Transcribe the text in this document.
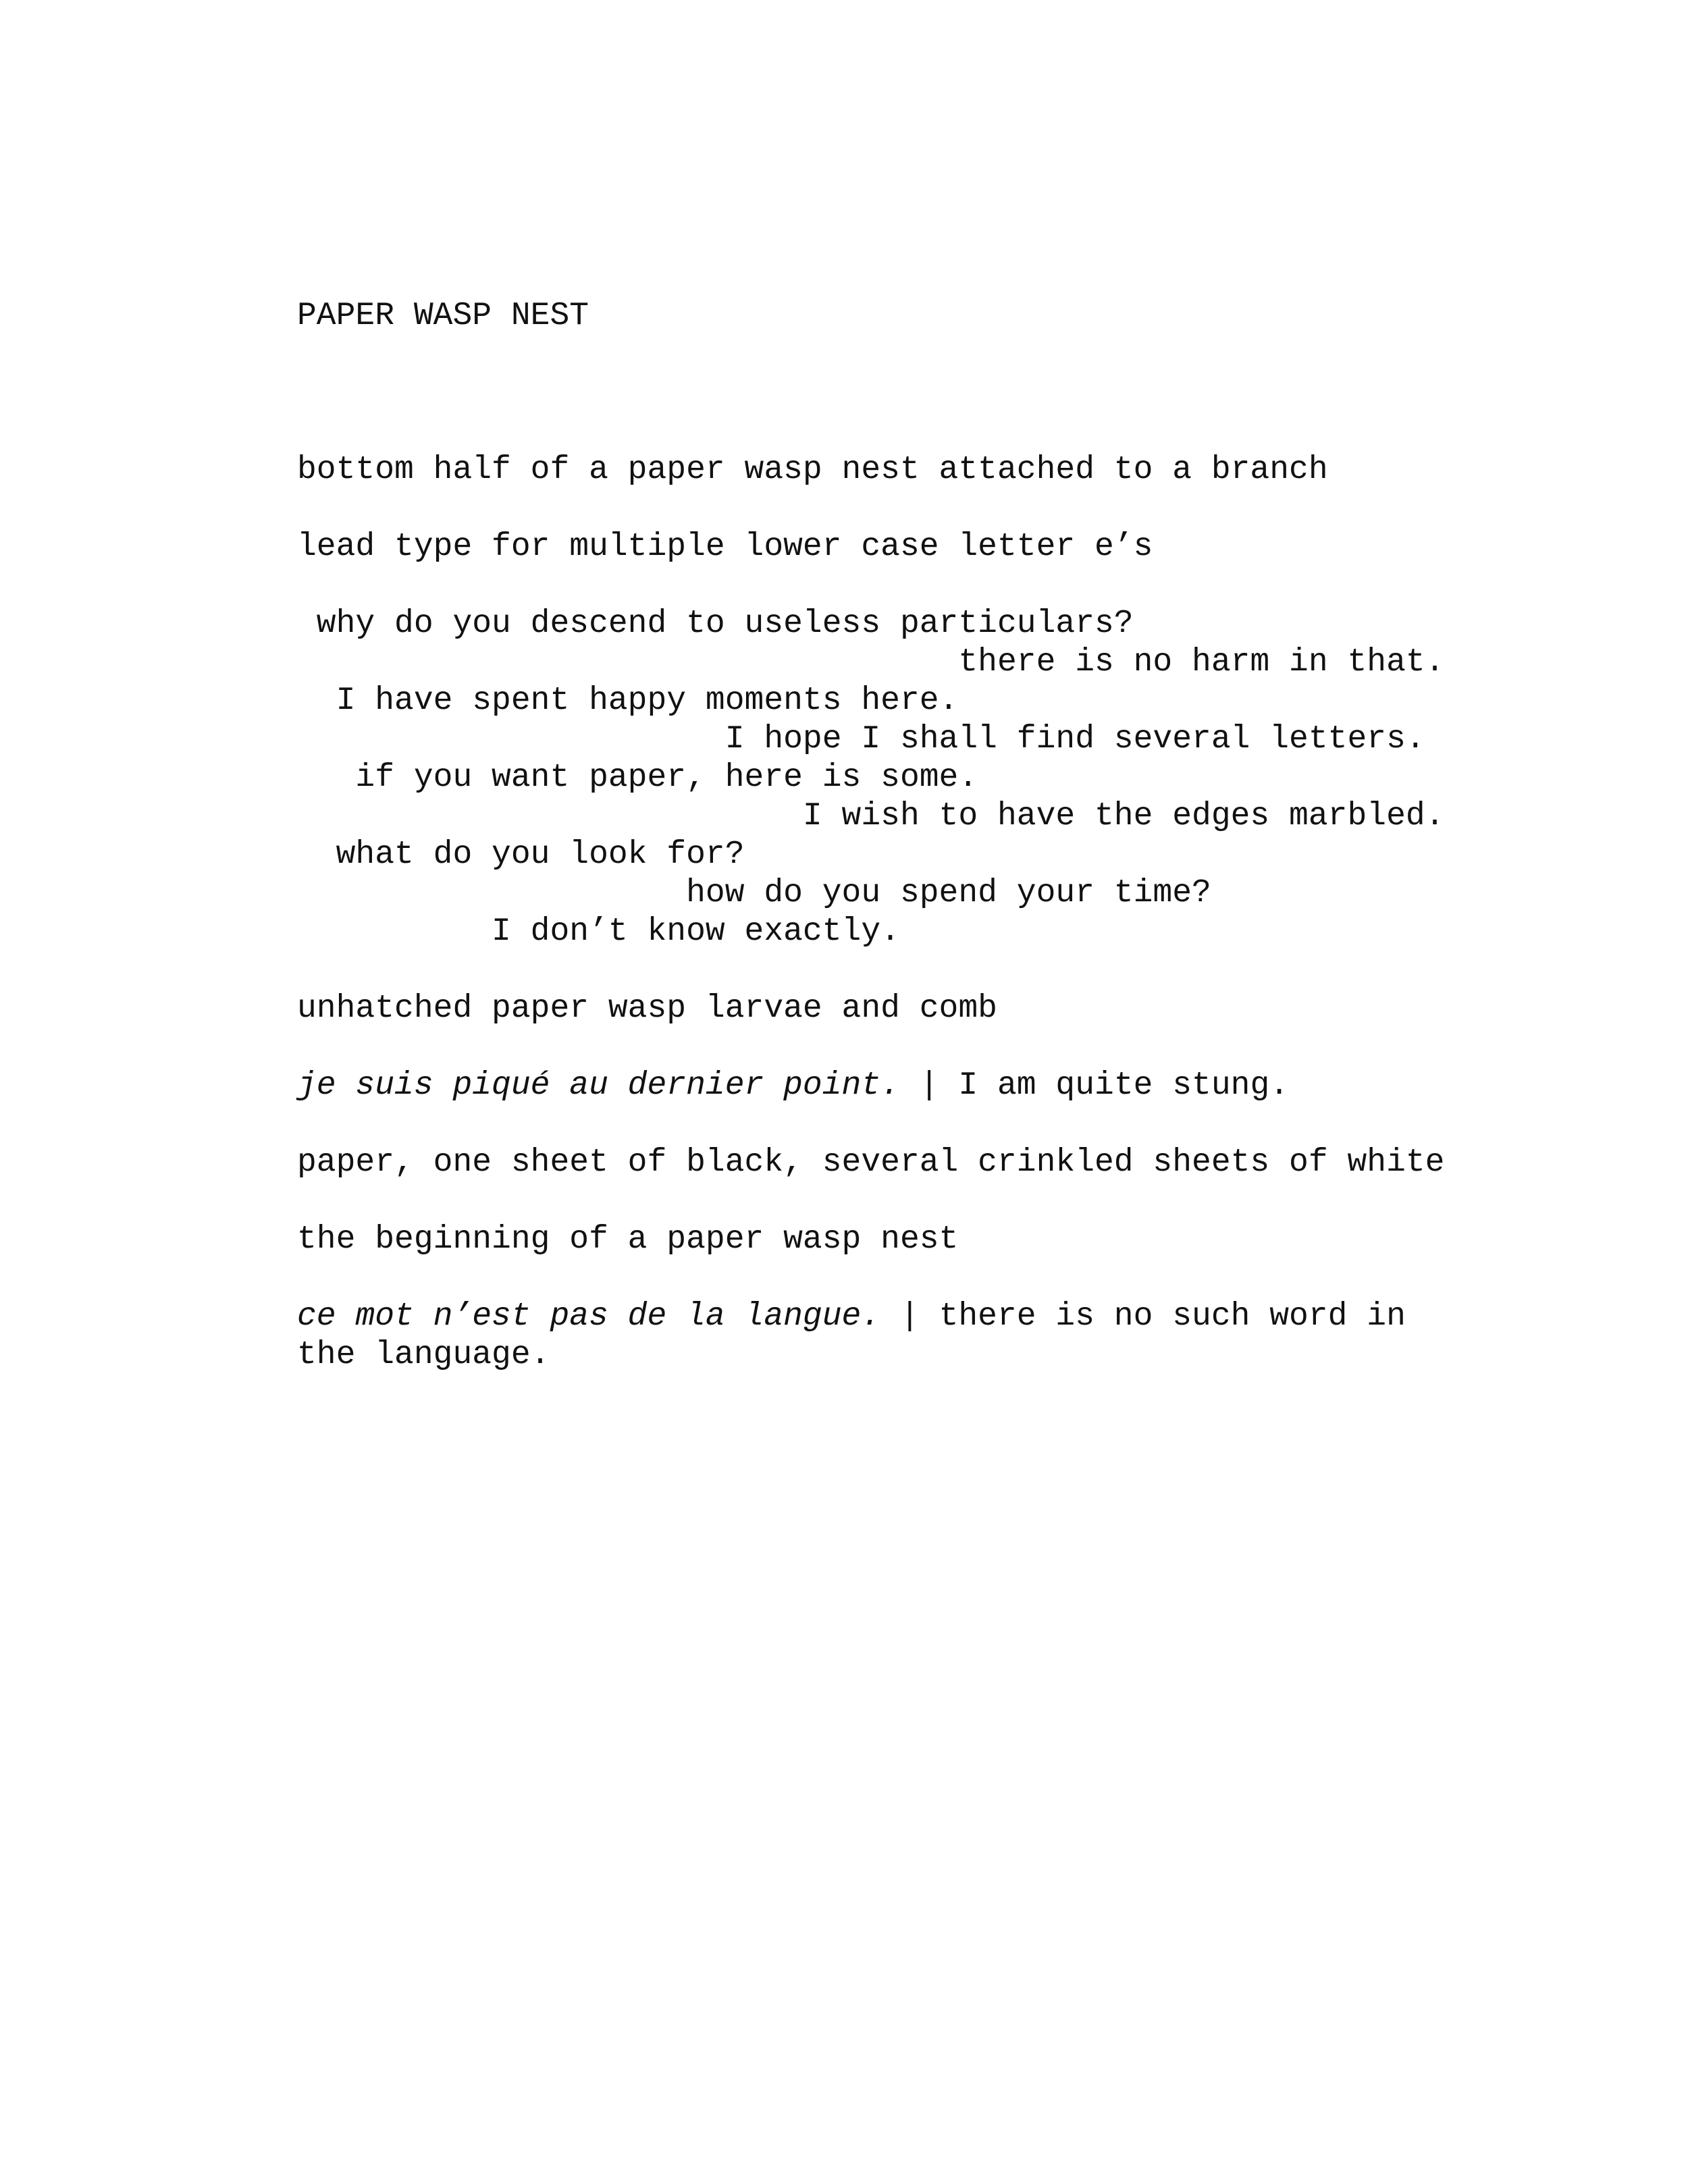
PAPER WASP NEST

bottom half of a paper wasp nest attached to a branch

lead type for multiple lower case letter e’s

why do you descend to useless particulars?

there is no harm in that.

I have spent happy moments here.

I hope I shall find several letters.

if you want paper, here is some.

I wish to have the edges marbled.

what do you look for?

how do you spend your time?

I don’t know exactly.

unhatched paper wasp larvae and comb

je suis piqué au dernier point. | I am quite stung.

paper, one sheet of black, several crinkled sheets of white

the beginning of a paper wasp nest

ce mot n’est pas de la langue. | there is no such word in

the language.
